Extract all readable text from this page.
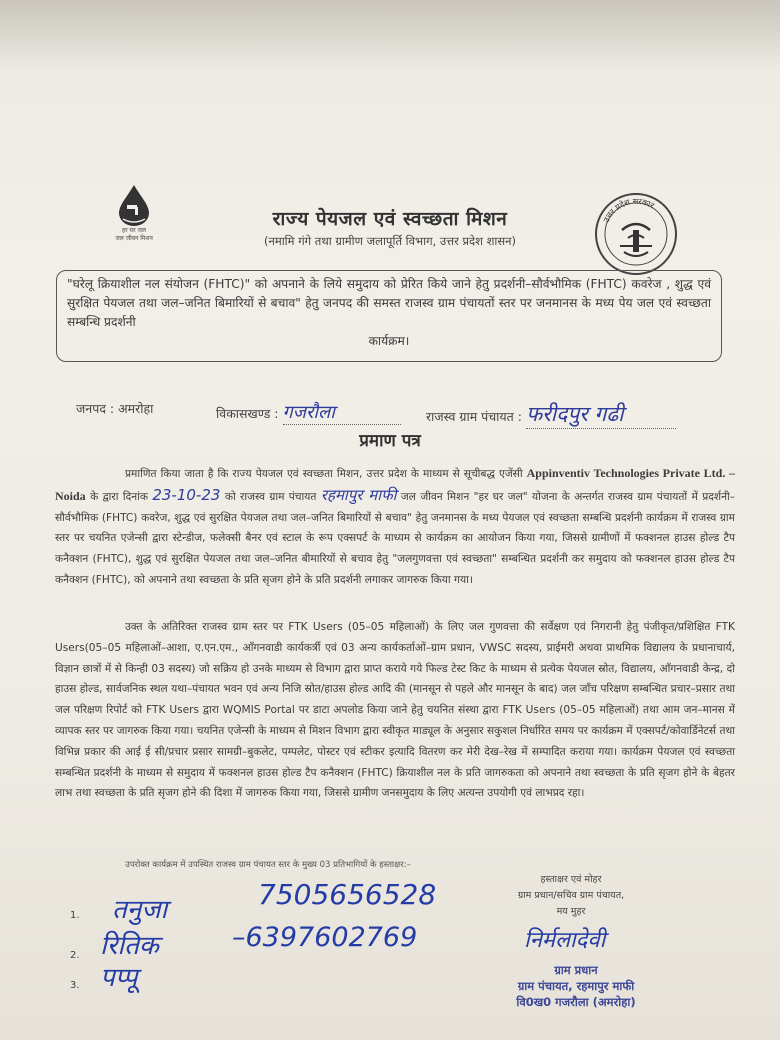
हर घर जल
जल जीवन मिशन
उत्तर प्रदेश सरकार
राज्य पेयजल एवं स्वच्छता मिशन
(नमामि गंगे तथा ग्रामीण जलापूर्ति विभाग, उत्तर प्रदेश शासन)
"घरेलू क्रियाशील नल संयोजन (FHTC)" को अपनाने के लिये समुदाय को प्रेरित किये जाने हेतु प्रदर्शनी–सौर्वभौमिक (FHTC) कवरेज , शुद्ध एवं सुरक्षित पेयजल तथा जल–जनित बिमारियों से बचाव" हेतु जनपद की समस्त राजस्व ग्राम पंचायतों स्तर पर जनमानस के मध्य पेय जल एवं स्वच्छता सम्बन्धि प्रदर्शनी
कार्यक्रम।
जनपद : अमरोहा	विकासखण्ड : गजरौला	राजस्व ग्राम पंचायत : फरीदपुर गढी
प्रमाण पत्र
प्रमाणित किया जाता है कि राज्य पेयजल एवं स्वच्छता मिशन, उत्तर प्रदेश के माध्यम से सूचीबद्ध एजेंसी Appinventiv Technologies Private Ltd. – Noida के द्वारा दिनांक 23-10-23 को राजस्व ग्राम पंचायत रहमापुर माफी जल जीवन मिशन "हर घर जल" योजना के अन्तर्गत राजस्व ग्राम पंचायतों में प्रदर्शनी–सौर्वभौमिक (FHTC) कवरेज, शुद्ध एवं सुरक्षित पेयजल तथा जल–जनित बिमारियों से बचाव" हेतु जनमानस के मध्य पेयजल एवं स्वच्छता सम्बन्धि प्रदर्शनी कार्यक्रम में राजस्व ग्राम स्तर पर चयनित एजेन्सी द्वारा स्टेन्डीज, फलेक्सी बैनर एवं स्टाल के रूप एक्सपर्ट के माध्यम से कार्यक्रम का आयोजन किया गया, जिससे ग्रामीणों में फक्शनल हाउस होल्ड टैप कनैक्शन (FHTC), शुद्ध एवं सुरक्षित पेयजल तथा जल–जनित बीमारियों से बचाव हेतु "जलगुणवत्ता एवं स्वच्छता" सम्बन्धित प्रदर्शनी कर समुदाय को फक्शनल हाउस होल्ड टैप कनैक्शन (FHTC), को अपनाने तथा स्वच्छता के प्रति सृजग होने के प्रति प्रदर्शनी लगाकर जागरुक किया गया।
उक्त के अतिरिक्त राजस्व ग्राम स्तर पर FTK Users (05–05 महिलाओं) के लिए जल गुणवत्ता की सर्वेक्षण एवं निगरानी हेतु पंजीकृत/प्रशिक्षित FTK Users(05–05 महिलाओं–आशा, ए.एन.एम., आँगनवाडी कार्यकर्त्री एवं 03 अन्य कार्यकर्ताओं–ग्राम प्रधान, VWSC सदस्य, प्राईमरी अथवा प्राथमिक विद्यालय के प्रधानाचार्य, विज्ञान छात्रों में से किन्ही 03 सदस्य) जो सक्रिय हो उनके माध्यम से विभाग द्वारा प्राप्त कराये गये फिल्ड टेस्ट किट के माध्यम से प्रत्येक पेयजल स्रोत, विद्यालय, आँगनवाडी केन्द्र, दो हाउस होल्ड, सार्वजनिक स्थल यथा–पंचायत भवन एवं अन्य निजि स्रोत/हाउस होल्ड आदि की (मानसून से पहले और मानसून के बाद) जल जाँच परिक्षण सम्बन्धित प्रचार–प्रसार तथा जल परिक्षण रिपोर्ट को FTK Users द्वारा WQMIS Portal पर डाटा अपलोड किया जाने हेतु चयनित संस्था द्वारा FTK Users (05–05 महिलाओं) तथा आम जन–मानस में व्यापक स्तर पर जागरुक किया गया। चयनित एजेन्सी के माध्यम से मिशन विभाग द्वारा स्वीकृत माड्यूल के अनुसार सकुशल निर्धारित समय पर कार्यक्रम में एक्सपर्ट/कोवार्डिनेटर्स तथा विभिन्न प्रकार की आई ई सी/प्रचार प्रसार सामग्री–बुकलेट, पम्पलेट, पोस्टर एवं स्टीकर इत्यादि वितरण कर मेरी देख–रेख में सम्पादित कराया गया। कार्यक्रम पेयजल एवं स्वच्छता सम्बन्धित प्रदर्शनी के माध्यम से समुदाय में फक्शनल हाउस होल्ड टैप कनैक्शन (FHTC) क्रियाशील नल के प्रति जागरुकता को अपनाने तथा स्वच्छता के प्रति सृजग होने के बेहतर लाभ तथा स्वच्छता के प्रति सृजग होने की दिशा में जागरुक किया गया, जिससे ग्रामीण जनसमुदाय के लिए अत्यन्त उपयोगी एवं लाभप्रद रहा।
उपरोक्त कार्यक्रम में उपस्थित राजस्व ग्राम पंचायत स्तर के मुख्य 03 प्रतिभागियों के हस्ताक्षर:–
1. तनुजा	7505656528
2. रितिक	–6397602769
3. पप्पू
हस्ताक्षर एवं मोहर
ग्राम प्रधान/सचिव ग्राम पंचायत,
मय मुहर
निर्मलादेवी
ग्राम प्रधान
ग्राम पंचायत, रहमापुर माफी
वि0ख0 गजरौला (अमरोहा)
